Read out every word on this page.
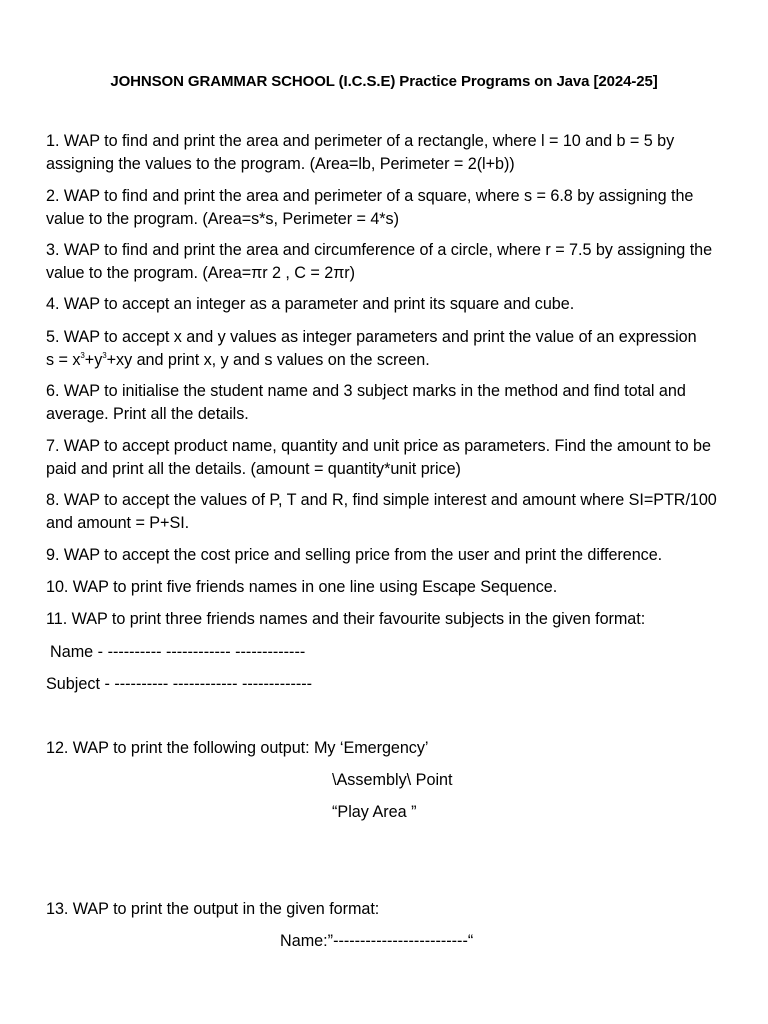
JOHNSON GRAMMAR SCHOOL (I.C.S.E) Practice Programs on Java [2024-25]
1. WAP to find and print the area and perimeter of a rectangle, where l = 10 and b = 5 by assigning the values to the program. (Area=lb, Perimeter = 2(l+b))
2. WAP to find and print the area and perimeter of a square, where s = 6.8 by assigning the value to the program. (Area=s*s, Perimeter = 4*s)
3. WAP to find and print the area and circumference of a circle, where r = 7.5 by assigning the value to the program. (Area=πr 2 , C = 2πr)
4. WAP to accept an integer as a parameter and print its square and cube.
5. WAP to accept x and y values as integer parameters and print the value of an expression
$s = x^3+y^3+xy$ and print x, y and s values on the screen.
6. WAP to initialise the student name and 3 subject marks in the method and find total and average. Print all the details.
7. WAP to accept product name, quantity and unit price as parameters. Find the amount to be paid and print all the details. (amount = quantity*unit price)
8. WAP to accept the values of P, T and R, find simple interest and amount where SI=PTR/100 and amount = P+SI.
9. WAP to accept the cost price and selling price from the user and print the difference.
10. WAP to print five friends names in one line using Escape Sequence.
11. WAP to print three friends names and their favourite subjects in the given format:
Name - ---------- ------------ -------------
Subject - ---------- ------------ -------------
12. WAP to print the following output: My ‘Emergency’
\Assembly\ Point
“Play Area ”
13. WAP to print the output in the given format:
Name:”-------------------------“
